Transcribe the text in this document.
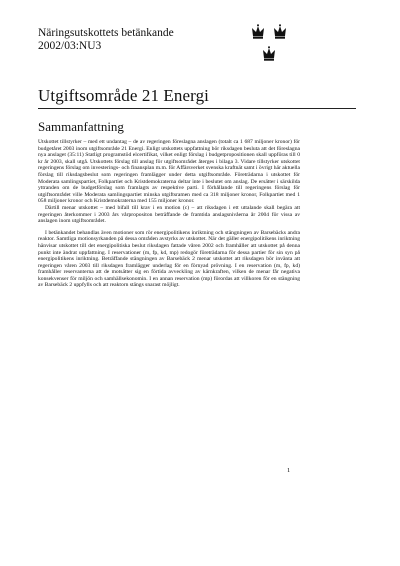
Näringsutskottets betänkande
2002/03:NU3
Utgiftsområde 21 Energi
Sammanfattning

Utskottet tillstyrker – med ett undantag – de av regeringen föreslagna anslagen (totalt ca 1 687 miljoner kronor) för budgetåret 2003 inom utgiftsområde 21 Energi. Enligt utskottets uppfattning bör riksdagen besluta att det föreslagna nya anslaget (35:11) Statligt programstöd elcertifikat, vilket enligt förslag i budgetpropositionen skall uppföras till 0 kr år 2003, skall utgå. Utskottets förslag till anslag för utgiftsområdet återges i bilaga 3. Vidare tillstyrker utskottet regeringens förslag om investerings- och finansplan m.m. för Affärsverket svenska kraftnät samt i övrigt här aktuella förslag till riksdagsbeslut som regeringen framlägger under detta utgiftsområde. Företrädarna i utskottet för Moderata samlingspartiet, Folkpartiet och Kristdemokraterna deltar inte i beslutet om anslag. De ersätter i särskilda yttranden om de budgetförslag som framlagts av respektive parti. I förhållande till regeringens förslag för utgiftsområdet ville Moderata samlingspartiet minska utgiftsramen med ca 318 miljoner kronor, Folkpartiet med 1 058 miljoner kronor och Kristdemokraterna med 155 miljoner kronor.

Därtill menar utskottet – med bifall till krav i en motion (c) – att riksdagen i ett uttalande skall begära att regeringen återkommer i 2003 års vårpropositon beträffande de framtida anslagsnivåerna år 2004 för vissa av anslagen inom utgiftsområdet.

I betänkandet behandlas även motioner som rör energipolitikens inriktning och stängningen av Barsebäcks andra reaktor. Samtliga motionsyrkanden på dessa områden avstyrks av utskottet. När det gäller energipolitikens inriktning hänvisar utskottet till det energipolitiska beslut riksdagen fattade våren 2002 och framhåller att utskottet på denna punkt inte ändrat uppfattning. I reservationer (m, fp, kd, mp) redogör företrädarna för dessa partier för sin syn på energipolitikens inriktning. Beträffande stängningen av Barsebäck 2 menar utskottet att riksdagen bör invänta att regeringen våren 2003 till riksdagen framlägger underlag för en förnyad prövning. I en reservation (m, fp, kd) framhåller reservanterna att de motsätter sig en förtida avveckling av kärnkraften, vilken de menar får negativa konsekvenser för miljön och samhällsekonomin. I en annan reservation (mp) förordas att villkoren för en stängning av Barsebäck 2 uppfylls och att reaktorn stängs snarast möjligt.

1
